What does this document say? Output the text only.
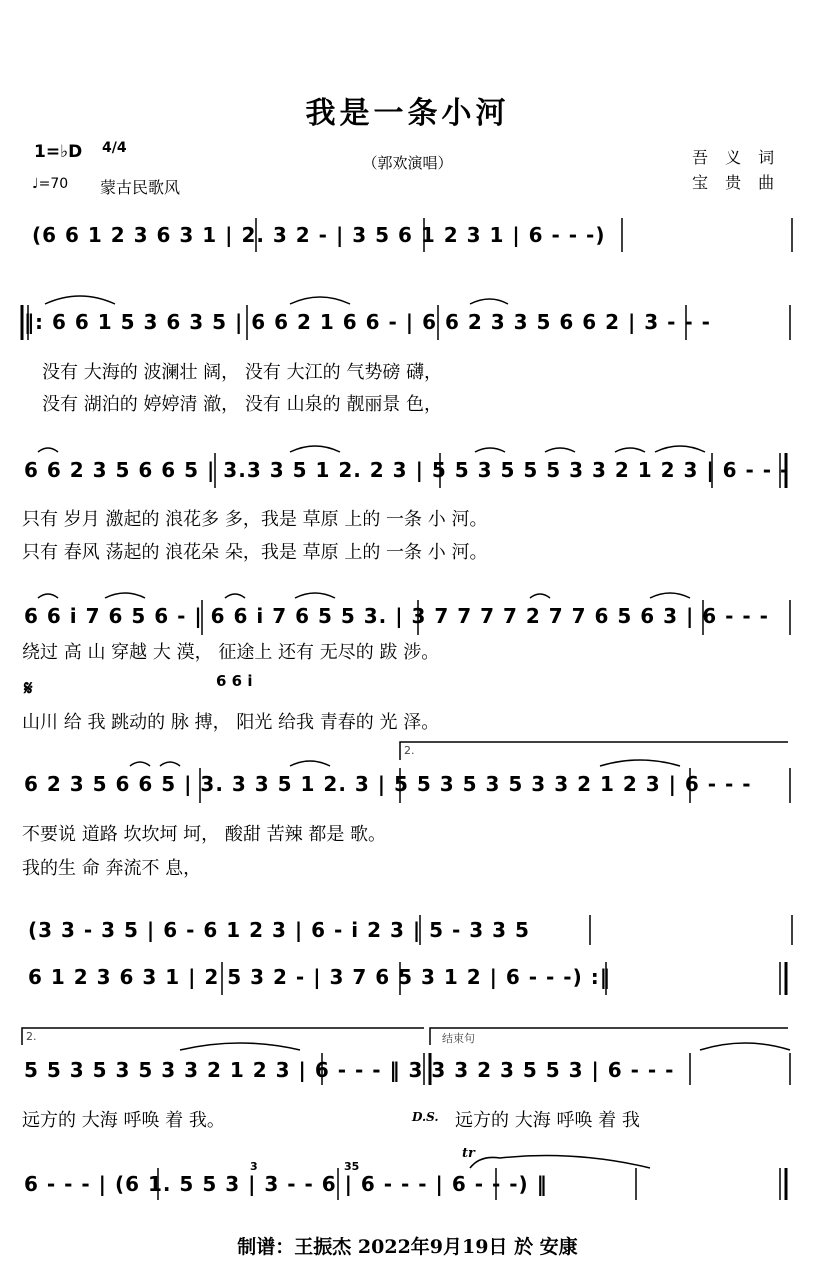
我是一条小河
1=♭D 4/4
♩=70 蒙古民歌风
（郭欢演唱）	吾 义 词
宝 贵 曲
(6 6 1 2 3 6 3 1 | 2. 3 2 - | 3 5 6 1 2 3 1 | 6 - - -)
‖: 6 6 1 5 3 6 3 5 | 6 6 2 1 6 6 - | 6 6 2 3 3 5 6 6 2 | 3 - - -
没有 大海的 波澜壮 阔， 没有 大江的 气势磅 礴，
没有 湖泊的 婷婷清 澈， 没有 山泉的 靓丽景 色，
6 6 2 3 5 6 6 5 | 3.3 3 5 1 2. 2 3 | 5 5 3 5 5 5 3 3 2 1 2 3 | 6 - - -
只有 岁月 激起的 浪花多 多，我是 草原 上的 一条 小 河。
只有 春风 荡起的 浪花朵 朵，我是 草原 上的 一条 小 河。
6 6 i 7 6 5 6 - | 6 6 i 7 6 5 5 3. | 3 7 7 7 7 2 7 7 6 5 6 3 | 6 - - -
绕过 高 山 穿越 大 漠， 征途上 还有 无尽的 跋 涉。
𝄋	6 6 i
山川 给 我 跳动的 脉 搏， 阳光 给我 青春的 光 泽。
2.
6 2 3 5 6 6 5 | 3. 3 3 5 1 2. 3 | 5 5 3 5 3 5 3 3 2 1 2 3 | 6 - - -
不要说 道路 坎坎坷 坷， 酸甜 苦辣 都是 歌。
我的生 命 奔流不 息，
(3 3 - 3 5 | 6 - 6 1 2 3 | 6 - i 2 3 | 5 - 3 3 5
6 1 2 3 6 3 1 | 2 5 3 2 - | 3 7 6 5 3 1 2 | 6 - - -) :‖
2.	结束句
5 5 3 5 3 5 3 3 2 1 2 3 | 6 - - - ‖ 3 3 3 2 3 5 5 3 | 6 - - -
远方的 大海 呼唤 着 我。	D.S. 远方的 大海 呼唤 着 我
3	35
tr
6 - - - | (6 1. 5 5 3 | 3 - - 6 | 6 - - - | 6 - - -) ‖
制谱：王振杰 2022年9月19日 於 安康
